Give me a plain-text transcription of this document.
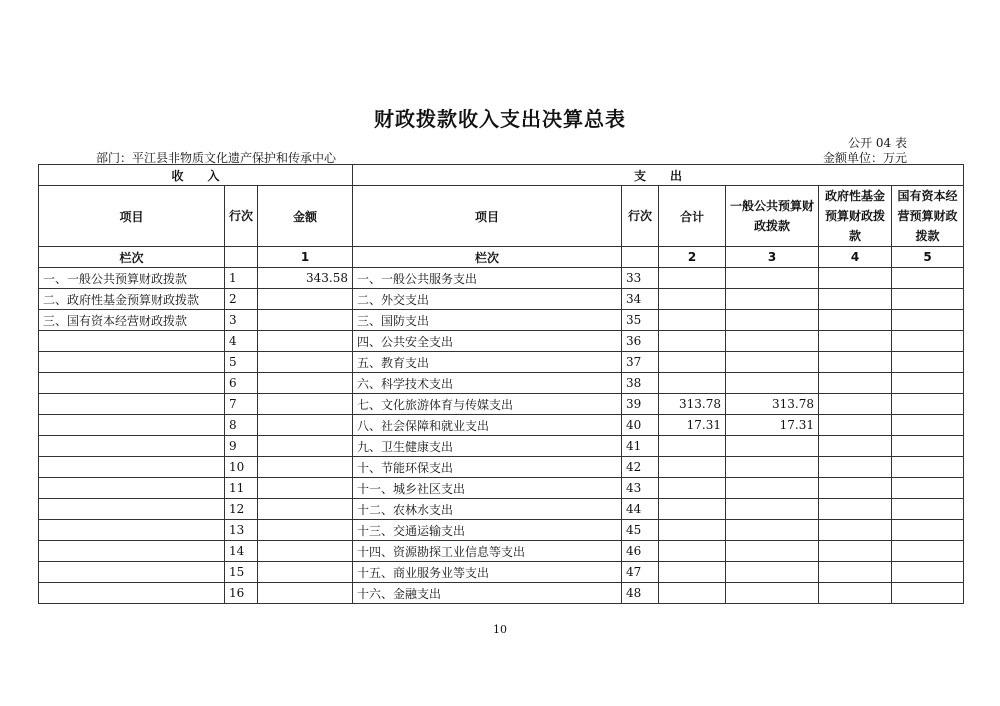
财政拨款收入支出决算总表
公开 04 表
部门：平江县非物质文化遗产保护和传承中心	金额单位：万元
收　　入			支　　出					
项目	行次	金额	项目	行次	合计	一般公共预算财政拨款	政府性基金预算财政拨款	国有资本经营预算财政拨款
栏次		1	栏次		2	3	4	5
一、一般公共预算财政拨款	1	343.58	一、一般公共服务支出	33				
二、政府性基金预算财政拨款	2		二、外交支出	34				
三、国有资本经营财政拨款	3		三、国防支出	35				
	4		四、公共安全支出	36				
	5		五、教育支出	37				
	6		六、科学技术支出	38				
	7		七、文化旅游体育与传媒支出	39	313.78	313.78		
	8		八、社会保障和就业支出	40	17.31	17.31		
	9		九、卫生健康支出	41				
	10		十、节能环保支出	42				
	11		十一、城乡社区支出	43				
	12		十二、农林水支出	44				
	13		十三、交通运输支出	45				
	14		十四、资源勘探工业信息等支出	46				
	15		十五、商业服务业等支出	47				
	16		十六、金融支出	48				
10
